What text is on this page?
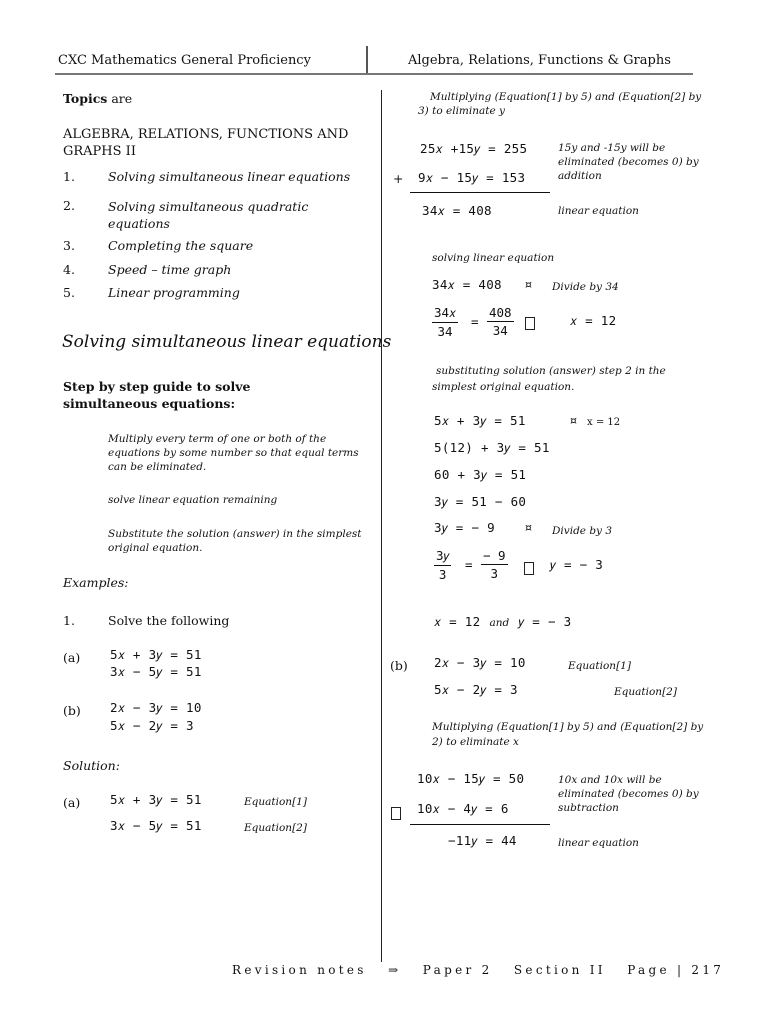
CXC Mathematics General Proficiency	Algebra, Relations, Functions & Graphs
Topics are
ALGEBRA, RELATIONS, FUNCTIONS AND GRAPHS II
1.	Solving simultaneous linear equations
2.	Solving simultaneous quadratic equations
3.	Completing the square
4.	Speed – time graph
5.	Linear programming
Solving simultaneous linear equations
Step by step guide to solve simultaneous equations:
Multiply every term of one or both of the equations by some number so that equal terms can be eliminated.
solve linear equation remaining
Substitute the solution (answer) in the simplest original equation.
Examples:
1.	Solve the following
(a) 5𝑥 + 3𝑦 = 51
3𝑥 − 5𝑦 = 51
(b) 2𝑥 − 3𝑦 = 10
5𝑥 − 2𝑦 = 3
Solution:
(a) 5𝑥 + 3𝑦 = 51	Equation[1]
3𝑥 − 5𝑦 = 51	Equation[2]
Multiplying (Equation[1] by 5) and (Equation[2] by 3) to eliminate y
25𝑥 +15𝑦 = 255	15y and -15y will be eliminated (becomes 0) by addition
+ 9𝑥 − 15𝑦 = 153
34𝑥 = 408	linear equation
solving linear equation
34𝑥 = 408 ¤ Divide by 34
34𝑥
34
= $\frac{408}{34}$	𝑥 = 12
substituting solution (answer) step 2 in the simplest original equation.
5𝑥 + 3𝑦 = 51	¤ x = 12
5(12) + 3𝑦 = 51
60 + 3𝑦 = 51
3𝑦 = 51 − 60
3𝑦 = − 9	¤ Divide by 3
3𝑦
3
= $\frac{- 9}{3}$	𝑦 = − 3
𝑥 = 12 and 𝑦 = − 3
(b) 2𝑥 − 3𝑦 = 10	Equation[1]
5𝑥 − 2𝑦 = 3	Equation[2]
Multiplying (Equation[1] by 5) and (Equation[2] by 2) to eliminate x
10𝑥 − 15𝑦 = 50	10x and 10x will be eliminated (becomes 0) by subtraction
10𝑥 − 4𝑦 = 6
−11𝑦 = 44	linear equation
Revision notes   ⇒   Paper 2   Section II   Page | 217
